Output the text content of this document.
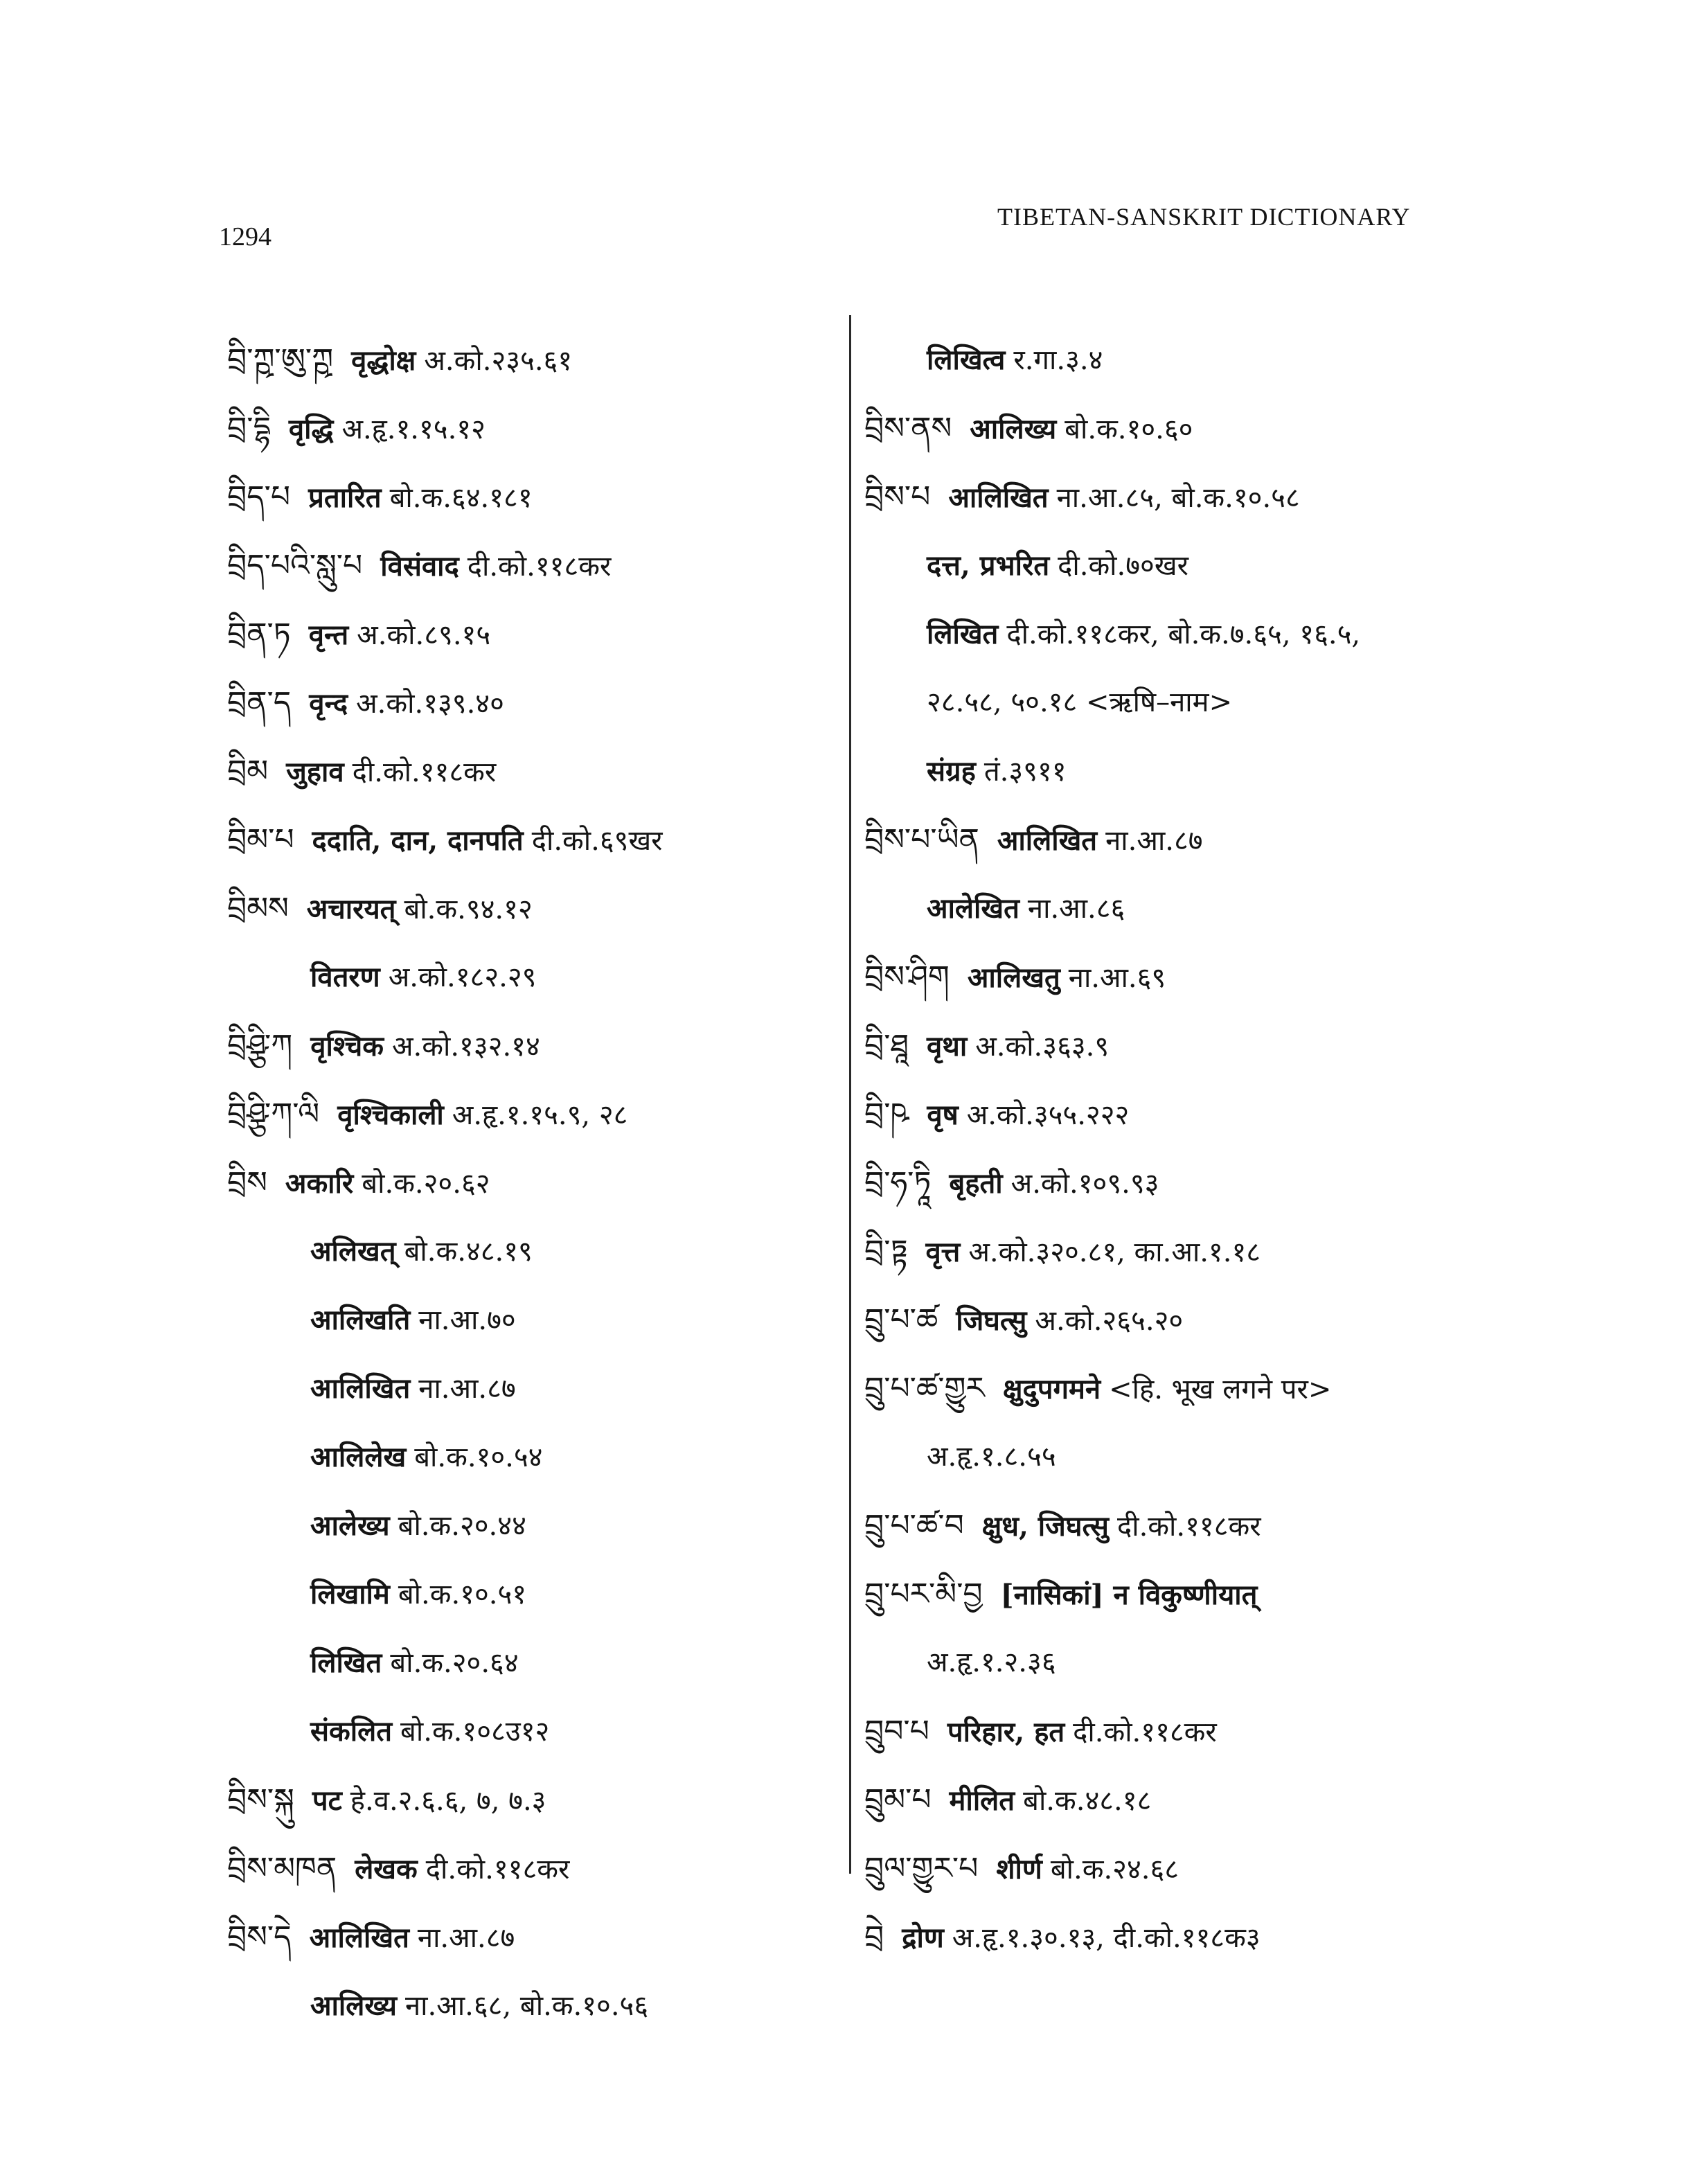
1294
TIBETAN-SANSKRIT DICTIONARY
བྲི་ཀྵ་ཨུ་ཀྵ वृद्धोक्ष अ.को.२३५.६१
བྲི་དྷི वृद्धि अ.हृ.१.१५.१२
བྲིད་པ प्रतारित बो.क.६४.१८१
བྲིད་པའི་སླུ་པ विसंवाद दी.को.११८कर
བྲིན་ཏ वृन्त अ.को.८९.१५
བྲིན་ད वृन्द अ.को.१३९.४०
བྲིམ जुहाव दी.को.११८कर
བྲིམ་པ ददाति, दान, दानपति दी.को.६९खर
བྲིམས अचारयत् बो.क.९४.१२
वितरण अ.को.१८२.२९
བྲིཤྩི་ཀ वृश्चिक अ.को.१३२.१४
བྲིཤྩི་ཀ་ལི वृश्चिकाली अ.हृ.१.१५.९, २८
བྲིས अकारि बो.क.२०.६२
अलिखत् बो.क.४८.१९
आलिखति ना.आ.७०
आलिखित ना.आ.८७
आलिलेख बो.क.१०.५४
आलेख्य बो.क.२०.४४
लिखामि बो.क.१०.५१
लिखित बो.क.२०.६४
संकलित बो.क.१०८उ१२
བྲིས་སྐུ पट हे.व.२.६.६, ७, ७.३
བྲིས་མཁན लेखक दी.को.११८कर
བྲིས་དེ आलिखित ना.आ.८७
आलिख्य ना.आ.६८, बो.क.१०.५६
लिखित्व र.गा.३.४
བྲིས་ནས आलिख्य बो.क.१०.६०
བྲིས་པ आलिखित ना.आ.८५, बो.क.१०.५८
दत्त, प्रभरित दी.को.७०खर
लिखित दी.को.११८कर, बो.क.७.६५, १६.५,
२८.५८, ५०.१८ <ऋषि–नाम>
संग्रह तं.३९११
བྲིས་པ་ཡིན आलिखित ना.आ.८७
आलेखित ना.आ.८६
བྲིས་ཤིག आलिखतु ना.आ.६९
བྲི་ཐཱ वृथा अ.को.३६३.९
བྲི་ཥ वृष अ.को.३५५.२२२
བྲི་ཧ་ཏཱི बृहती अ.को.१०९.९३
བྲི་ཏྟ वृत्त अ.को.३२०.८१, का.आ.१.१८
བྲུ་པ་ཚ जिघत्सु अ.को.२६५.२०
བྲུ་པ་ཚ་གྱུར क्षुदुपगमने <हि. भूख लगने पर>
अ.हृ.१.८.५५
བྲུ་པ་ཚ་བ क्षुध, जिघत्सु दी.को.११८कर
བྲུ་པར་མི་བྱ [नासिकां] न विकुष्णीयात्
अ.हृ.१.२.३६
བྲུབ་པ परिहार, हत दी.को.११८कर
བྲུམ་པ मीलित बो.क.४८.१८
བྲུལ་གྱུར་པ शीर्ण बो.क.२४.६८
བྲེ द्रोण अ.हृ.१.३०.१३, दी.को.११८क३
